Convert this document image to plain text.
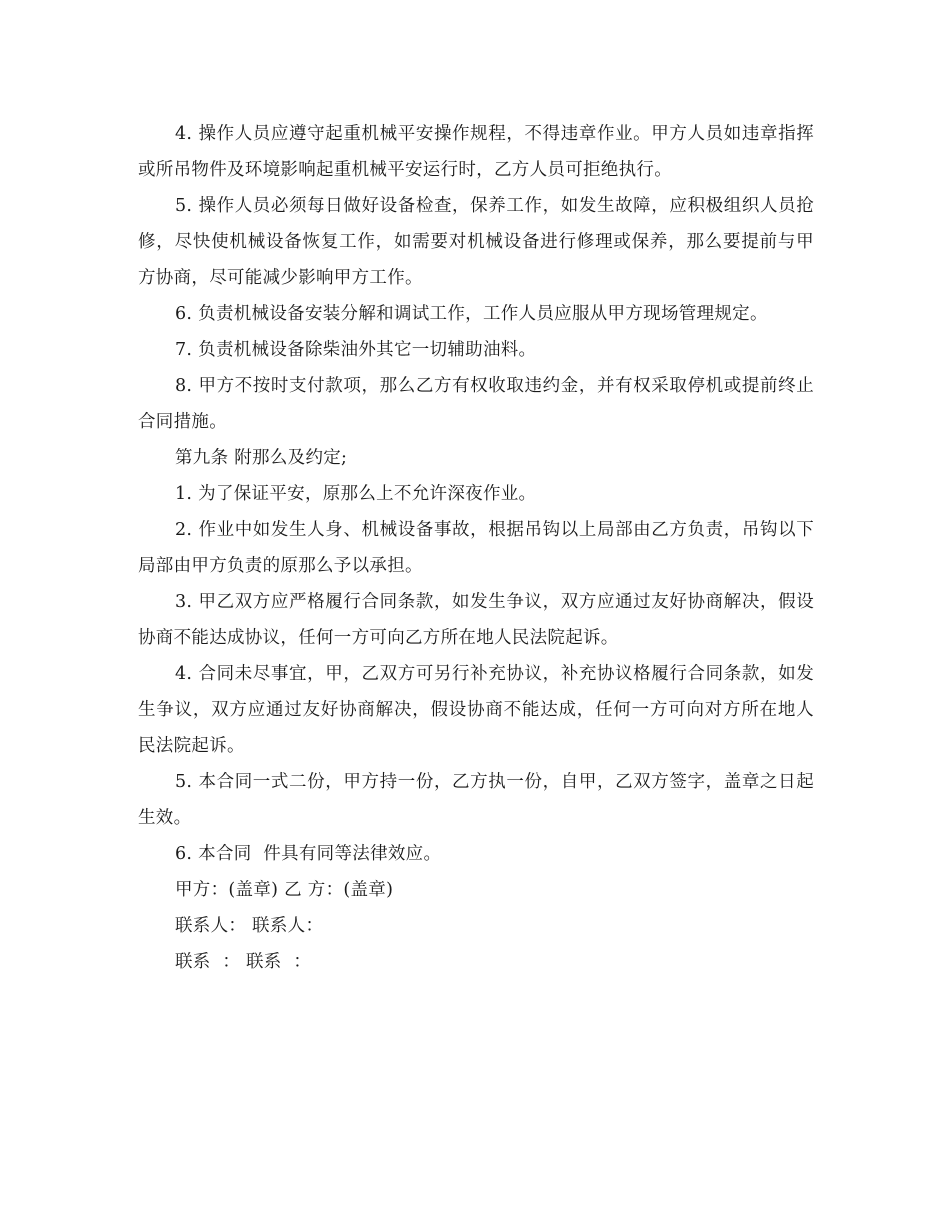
4. 操作人员应遵守起重机械平安操作规程，不得违章作业。甲方人员如违章指挥或所吊物件及环境影响起重机械平安运行时，乙方人员可拒绝执行。

5. 操作人员必须每日做好设备检查，保养工作，如发生故障，应积极组织人员抢修，尽快使机械设备恢复工作，如需要对机械设备进行修理或保养，那么要提前与甲方协商，尽可能减少影响甲方工作。

6. 负责机械设备安装分解和调试工作，工作人员应服从甲方现场管理规定。

7. 负责机械设备除柴油外其它一切辅助油料。

8. 甲方不按时支付款项，那么乙方有权收取违约金，并有权采取停机或提前终止合同措施。

第九条 附那么及约定;

1. 为了保证平安，原那么上不允许深夜作业。

2. 作业中如发生人身、机械设备事故，根据吊钩以上局部由乙方负责，吊钩以下局部由甲方负责的原那么予以承担。

3. 甲乙双方应严格履行合同条款，如发生争议，双方应通过友好协商解决，假设协商不能达成协议，任何一方可向乙方所在地人民法院起诉。

4. 合同未尽事宜，甲，乙双方可另行补充协议，补充协议格履行合同条款，如发生争议，双方应通过友好协商解决，假设协商不能达成，任何一方可向对方所在地人民法院起诉。

5. 本合同一式二份，甲方持一份，乙方执一份，自甲，乙双方签字，盖章之日起生效。

6. 本合同  件具有同等法律效应。

甲方：(盖章) 乙 方：(盖章)

联系人： 联系人：

联系  ： 联系  ：
